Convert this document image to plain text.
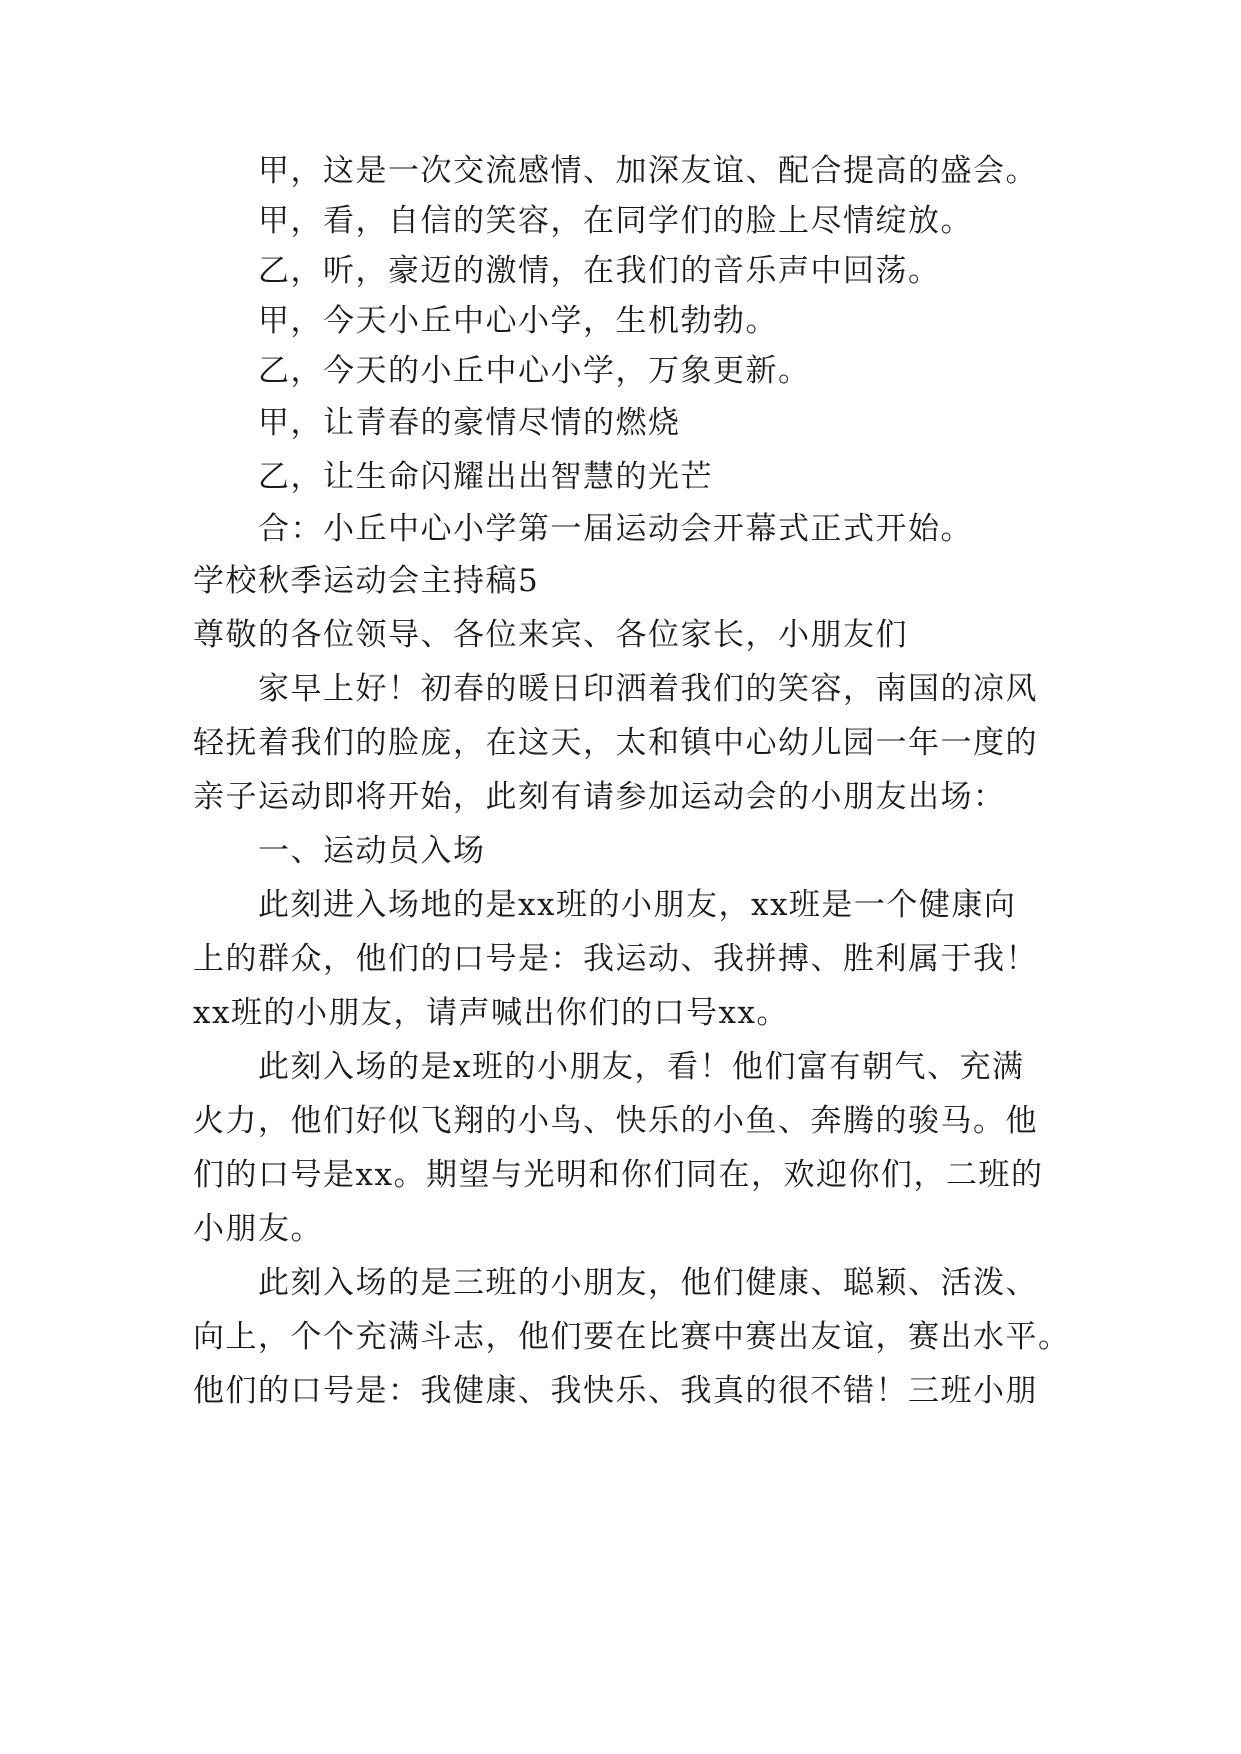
甲，这是一次交流感情、加深友谊、配合提高的盛会。
甲，看，自信的笑容，在同学们的脸上尽情绽放。
乙，听，豪迈的激情，在我们的音乐声中回荡。
甲，今天小丘中心小学，生机勃勃。
乙，今天的小丘中心小学，万象更新。
甲，让青春的豪情尽情的燃烧
乙，让生命闪耀出出智慧的光芒
合：小丘中心小学第一届运动会开幕式正式开始。
学校秋季运动会主持稿5
尊敬的各位领导、各位来宾、各位家长，小朋友们
家早上好！初春的暖日印洒着我们的笑容，南国的凉风
轻抚着我们的脸庞，在这天，太和镇中心幼儿园一年一度的
亲子运动即将开始，此刻有请参加运动会的小朋友出场：
一、运动员入场
此刻进入场地的是xx班的小朋友，xx班是一个健康向
上的群众，他们的口号是：我运动、我拼搏、胜利属于我！
xx班的小朋友，请声喊出你们的口号xx。
此刻入场的是x班的小朋友，看！他们富有朝气、充满
火力，他们好似飞翔的小鸟、快乐的小鱼、奔腾的骏马。他
们的口号是xx。期望与光明和你们同在，欢迎你们，二班的
小朋友。
此刻入场的是三班的小朋友，他们健康、聪颖、活泼、
向上，个个充满斗志，他们要在比赛中赛出友谊，赛出水平。
他们的口号是：我健康、我快乐、我真的很不错！三班小朋
